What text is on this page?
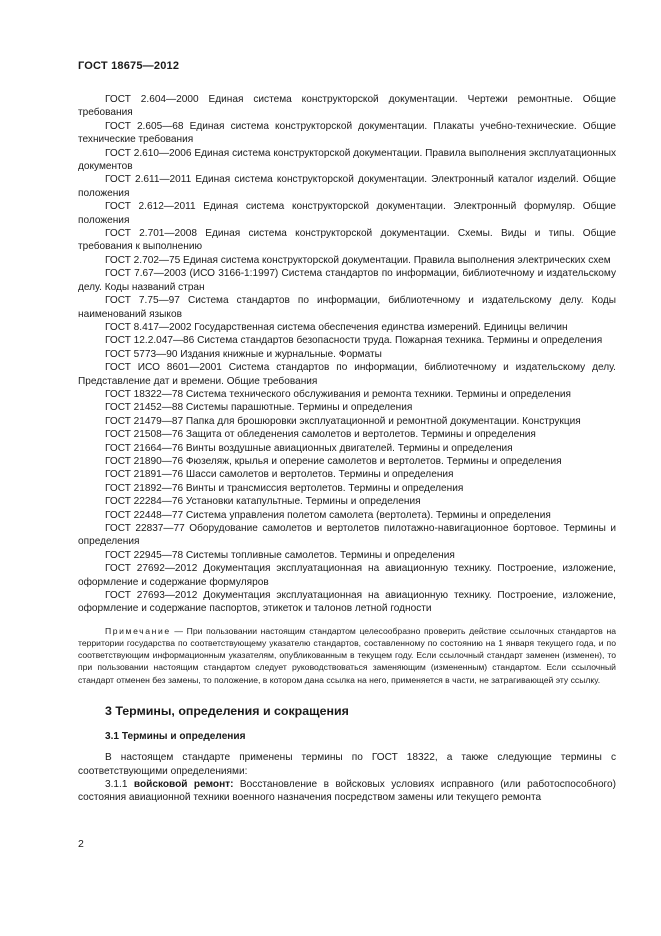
ГОСТ 18675—2012
ГОСТ 2.604—2000 Единая система конструкторской документации. Чертежи ремонтные. Общие требования
ГОСТ 2.605—68 Единая система конструкторской документации. Плакаты учебно-технические. Общие технические требования
ГОСТ 2.610—2006 Единая система конструкторской документации. Правила выполнения эксплуатационных документов
ГОСТ 2.611—2011 Единая система конструкторской документации. Электронный каталог изделий. Общие положения
ГОСТ 2.612—2011 Единая система конструкторской документации. Электронный формуляр. Общие положения
ГОСТ 2.701—2008 Единая система конструкторской документации. Схемы. Виды и типы. Общие требования к выполнению
ГОСТ 2.702—75 Единая система конструкторской документации. Правила выполнения электрических схем
ГОСТ 7.67—2003 (ИСО 3166-1:1997) Система стандартов по информации, библиотечному и издательскому делу. Коды названий стран
ГОСТ 7.75—97 Система стандартов по информации, библиотечному и издательскому делу. Коды наименований языков
ГОСТ 8.417—2002 Государственная система обеспечения единства измерений. Единицы величин
ГОСТ 12.2.047—86 Система стандартов безопасности труда. Пожарная техника. Термины и определения
ГОСТ 5773—90 Издания книжные и журнальные. Форматы
ГОСТ ИСО 8601—2001 Система стандартов по информации, библиотечному и издательскому делу. Представление дат и времени. Общие требования
ГОСТ 18322—78 Система технического обслуживания и ремонта техники. Термины и определения
ГОСТ 21452—88 Системы парашютные. Термины и определения
ГОСТ 21479—87 Папка для брошюровки эксплуатационной и ремонтной документации. Конструкция
ГОСТ 21508—76 Защита от обледенения самолетов и вертолетов. Термины и определения
ГОСТ 21664—76 Винты воздушные авиационных двигателей. Термины и определения
ГОСТ 21890—76 Фюзеляж, крылья и оперение самолетов и вертолетов. Термины и определения
ГОСТ 21891—76 Шасси самолетов и вертолетов. Термины и определения
ГОСТ 21892—76 Винты и трансмиссия вертолетов. Термины и определения
ГОСТ 22284—76 Установки катапультные. Термины и определения
ГОСТ 22448—77 Система управления полетом самолета (вертолета). Термины и определения
ГОСТ 22837—77 Оборудование самолетов и вертолетов пилотажно-навигационное бортовое. Термины и определения
ГОСТ 22945—78 Системы топливные самолетов. Термины и определения
ГОСТ 27692—2012 Документация эксплуатационная на авиационную технику. Построение, изложение, оформление и содержание формуляров
ГОСТ 27693—2012 Документация эксплуатационная на авиационную технику. Построение, изложение, оформление и содержание паспортов, этикеток и талонов летной годности
Примечание — При пользовании настоящим стандартом целесообразно проверить действие ссылочных стандартов на территории государства по соответствующему указателю стандартов, составленному по состоянию на 1 января текущего года, и по соответствующим информационным указателям, опубликованным в текущем году. Если ссылочный стандарт заменен (изменен), то при пользовании настоящим стандартом следует руководствоваться заменяющим (измененным) стандартом. Если ссылочный стандарт отменен без замены, то положение, в котором дана ссылка на него, применяется в части, не затрагивающей эту ссылку.
3 Термины, определения и сокращения
3.1 Термины и определения
В настоящем стандарте применены термины по ГОСТ 18322, а также следующие термины с соответствующими определениями:
3.1.1 войсковой ремонт: Восстановление в войсковых условиях исправного (или работоспособного) состояния авиационной техники военного назначения посредством замены или текущего ремонта
2
